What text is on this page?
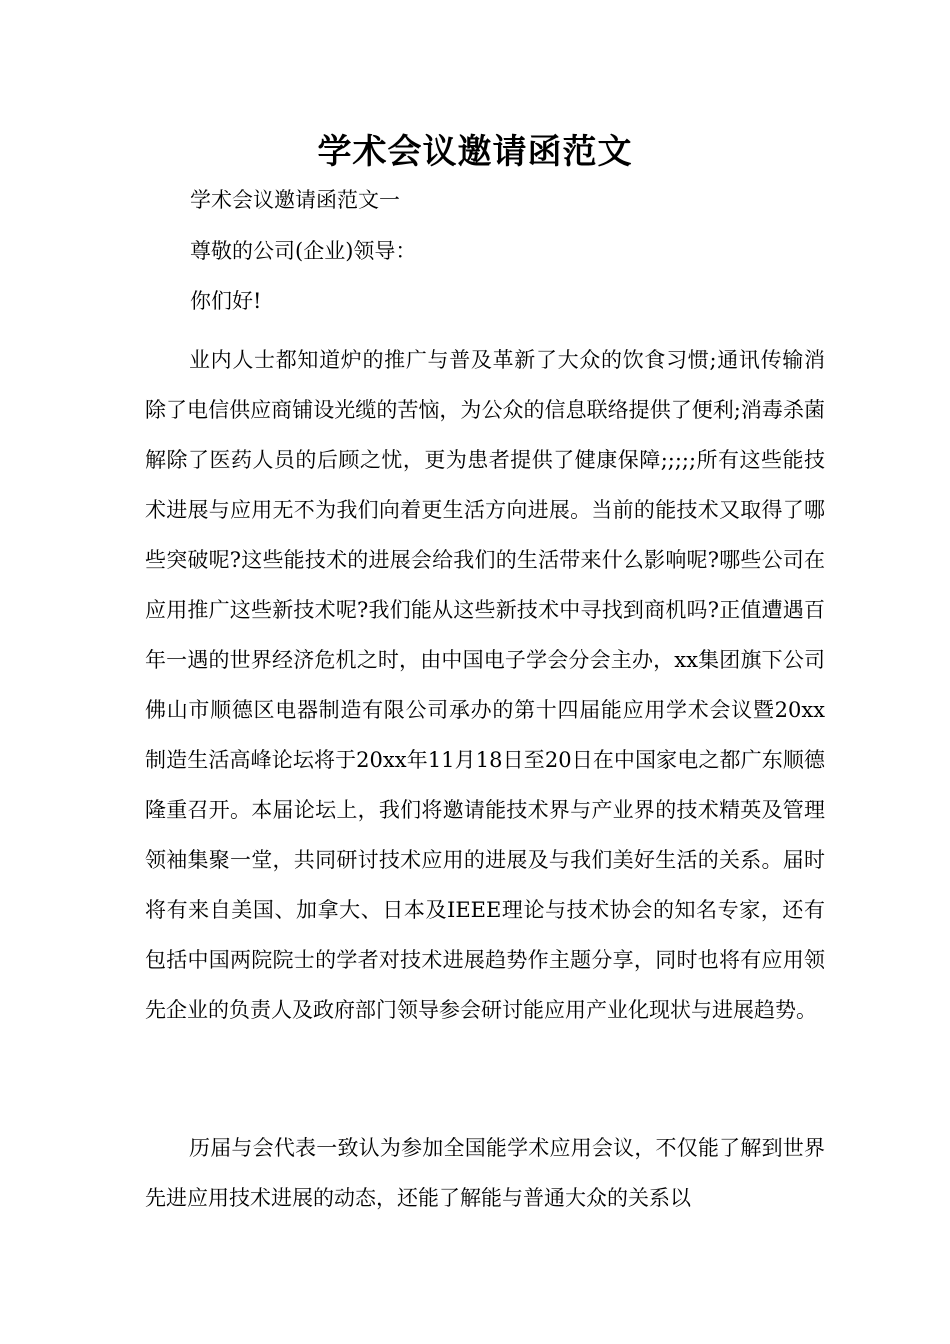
学术会议邀请函范文
学术会议邀请函范文一
尊敬的公司(企业)领导：
你们好!

业内人士都知道炉的推广与普及革新了大众的饮食习惯;通讯传输消除了电信供应商铺设光缆的苦恼，为公众的信息联络提供了便利;消毒杀菌解除了医药人员的后顾之忧，更为患者提供了健康保障;;;;;所有这些能技术进展与应用无不为我们向着更生活方向进展。当前的能技术又取得了哪些突破呢?这些能技术的进展会给我们的生活带来什么影响呢?哪些公司在应用推广这些新技术呢?我们能从这些新技术中寻找到商机吗?正值遭遇百年一遇的世界经济危机之时，由中国电子学会分会主办，xx集团旗下公司佛山市顺德区电器制造有限公司承办的第十四届能应用学术会议暨20xx制造生活高峰论坛将于20xx年11月18日至20日在中国家电之都广东顺德隆重召开。本届论坛上，我们将邀请能技术界与产业界的技术精英及管理领袖集聚一堂，共同研讨技术应用的进展及与我们美好生活的关系。届时将有来自美国、加拿大、日本及IEEE理论与技术协会的知名专家，还有包括中国两院院士的学者对技术进展趋势作主题分享，同时也将有应用领先企业的负责人及政府部门领导参会研讨能应用产业化现状与进展趋势。

历届与会代表一致认为参加全国能学术应用会议，不仅能了解到世界先进应用技术进展的动态，还能了解能与普通大众的关系以
